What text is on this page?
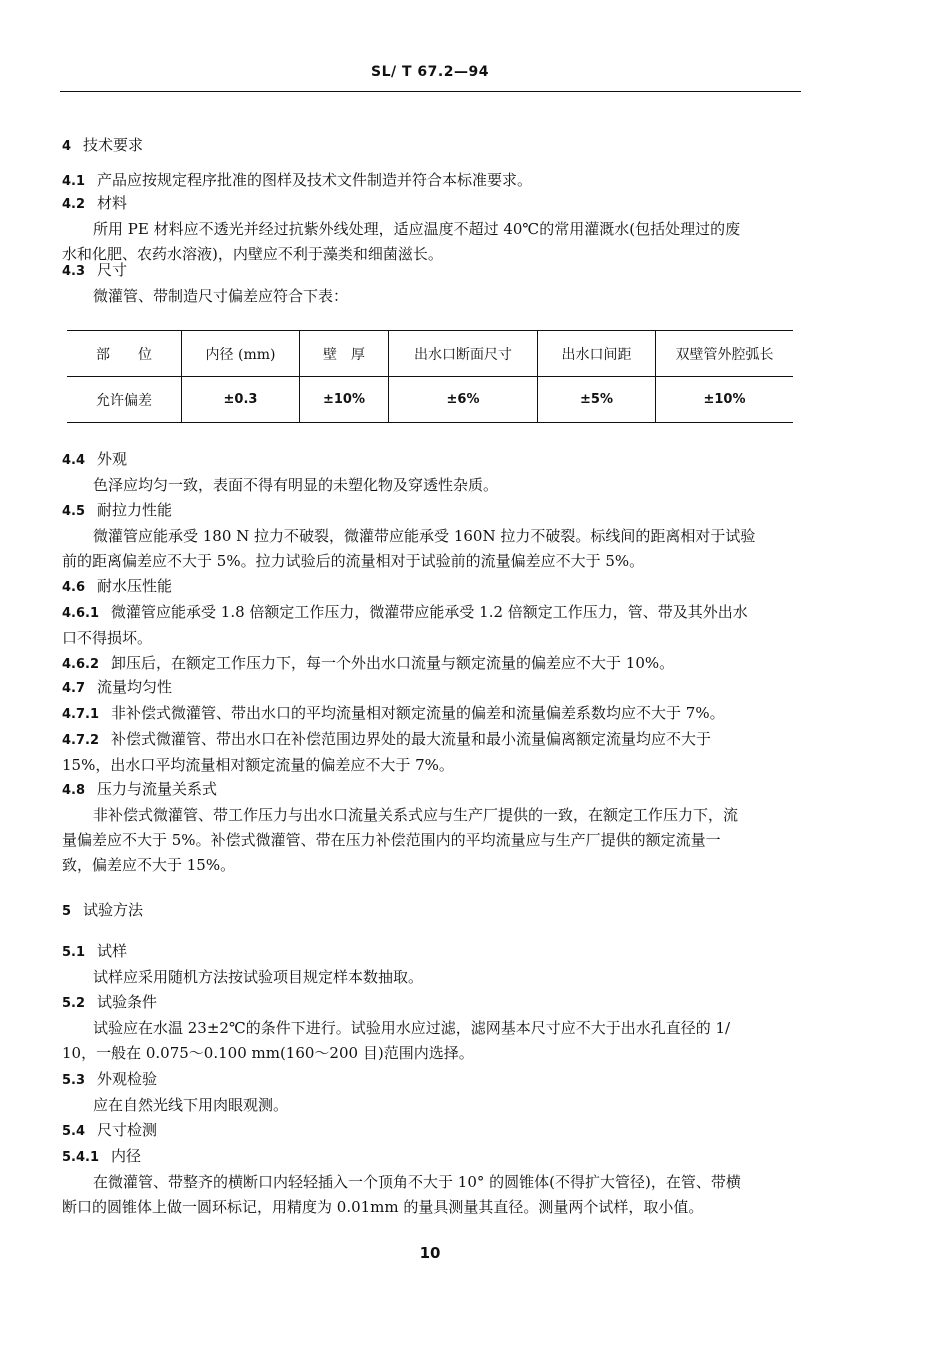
SL/ T 67.2—94
4 技术要求

4.1 产品应按规定程序批准的图样及技术文件制造并符合本标准要求。

4.2 材料

所用 PE 材料应不透光并经过抗紫外线处理，适应温度不超过 40℃的常用灌溉水(包括处理过的废

水和化肥、农药水溶液)，内壁应不利于藻类和细菌滋长。

4.3 尺寸

微灌管、带制造尺寸偏差应符合下表：

部　　位	内径 (mm)	壁　厚	出水口断面尺寸	出水口间距	双壁管外腔弧长
允许偏差	±0.3	±10%	±6%	±5%	±10%

4.4 外观

色泽应均匀一致，表面不得有明显的未塑化物及穿透性杂质。

4.5 耐拉力性能

微灌管应能承受 180 N 拉力不破裂，微灌带应能承受 160N 拉力不破裂。标线间的距离相对于试验

前的距离偏差应不大于 5%。拉力试验后的流量相对于试验前的流量偏差应不大于 5%。

4.6 耐水压性能

4.6.1 微灌管应能承受 1.8 倍额定工作压力，微灌带应能承受 1.2 倍额定工作压力，管、带及其外出水

口不得损坏。

4.6.2 卸压后，在额定工作压力下，每一个外出水口流量与额定流量的偏差应不大于 10%。

4.7 流量均匀性

4.7.1 非补偿式微灌管、带出水口的平均流量相对额定流量的偏差和流量偏差系数均应不大于 7%。

4.7.2 补偿式微灌管、带出水口在补偿范围边界处的最大流量和最小流量偏离额定流量均应不大于

15%，出水口平均流量相对额定流量的偏差应不大于 7%。

4.8 压力与流量关系式

非补偿式微灌管、带工作压力与出水口流量关系式应与生产厂提供的一致，在额定工作压力下，流

量偏差应不大于 5%。补偿式微灌管、带在压力补偿范围内的平均流量应与生产厂提供的额定流量一

致，偏差应不大于 15%。

5 试验方法

5.1 试样

试样应采用随机方法按试验项目规定样本数抽取。

5.2 试验条件

试验应在水温 23±2℃的条件下进行。试验用水应过滤，滤网基本尺寸应不大于出水孔直径的 1/

10，一般在 0.075～0.100 mm(160～200 目)范围内选择。

5.3 外观检验

应在自然光线下用肉眼观测。

5.4 尺寸检测

5.4.1 内径

在微灌管、带整齐的横断口内轻轻插入一个顶角不大于 10° 的圆锥体(不得扩大管径)，在管、带横

断口的圆锥体上做一圆环标记，用精度为 0.01mm 的量具测量其直径。测量两个试样，取小值。

10
